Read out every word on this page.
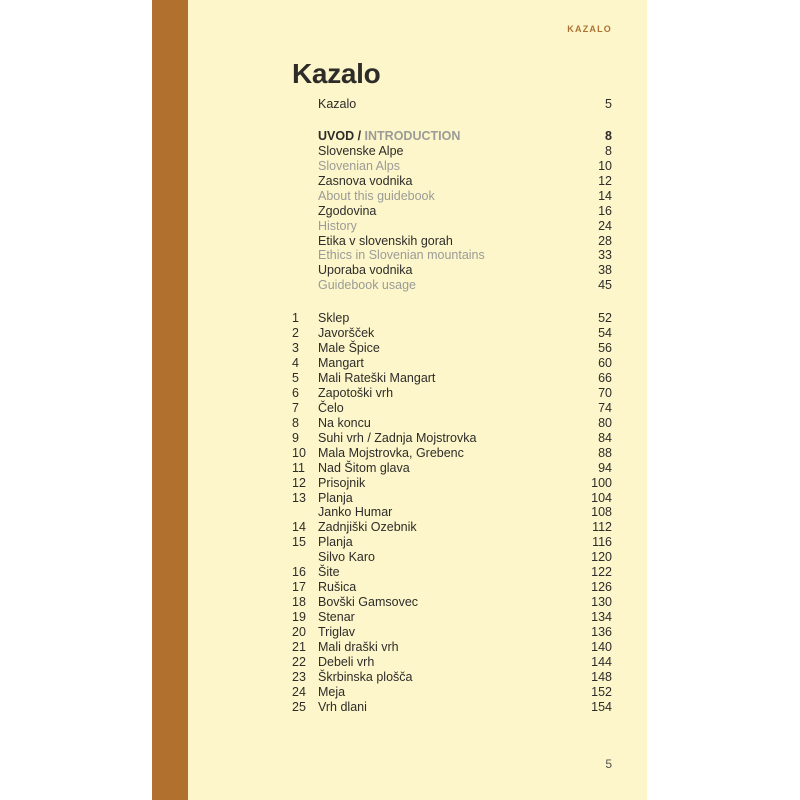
KAZALO
Kazalo
Kazalo	5
UVOD / INTRODUCTION	8
Slovenske Alpe	8
Slovenian Alps	10
Zasnova vodnika	12
About this guidebook	14
Zgodovina	16
History	24
Etika v slovenskih gorah	28
Ethics in Slovenian mountains	33
Uporaba vodnika	38
Guidebook usage	45
1	Sklep	52
2	Javoršček	54
3	Male Špice	56
4	Mangart	60
5	Mali Rateški Mangart	66
6	Zapotoški vrh	70
7	Čelo	74
8	Na koncu	80
9	Suhi vrh / Zadnja Mojstrovka	84
10 Mala Mojstrovka, Grebenc	88
11	Nad Šitom glava	94
12 Prisojnik	100
13 Planja	104
Janko Humar	108
14 Zadnjiški Ozebnik	112
15 Planja	116
Silvo Karo	120
16 Šite	122
17 Rušica	126
18 Bovški Gamsovec	130
19 Stenar	134
20 Triglav	136
21 Mali draški vrh	140
22 Debeli vrh	144
23 Škrbinska plošča	148
24 Meja	152
25 Vrh dlani	154
5
